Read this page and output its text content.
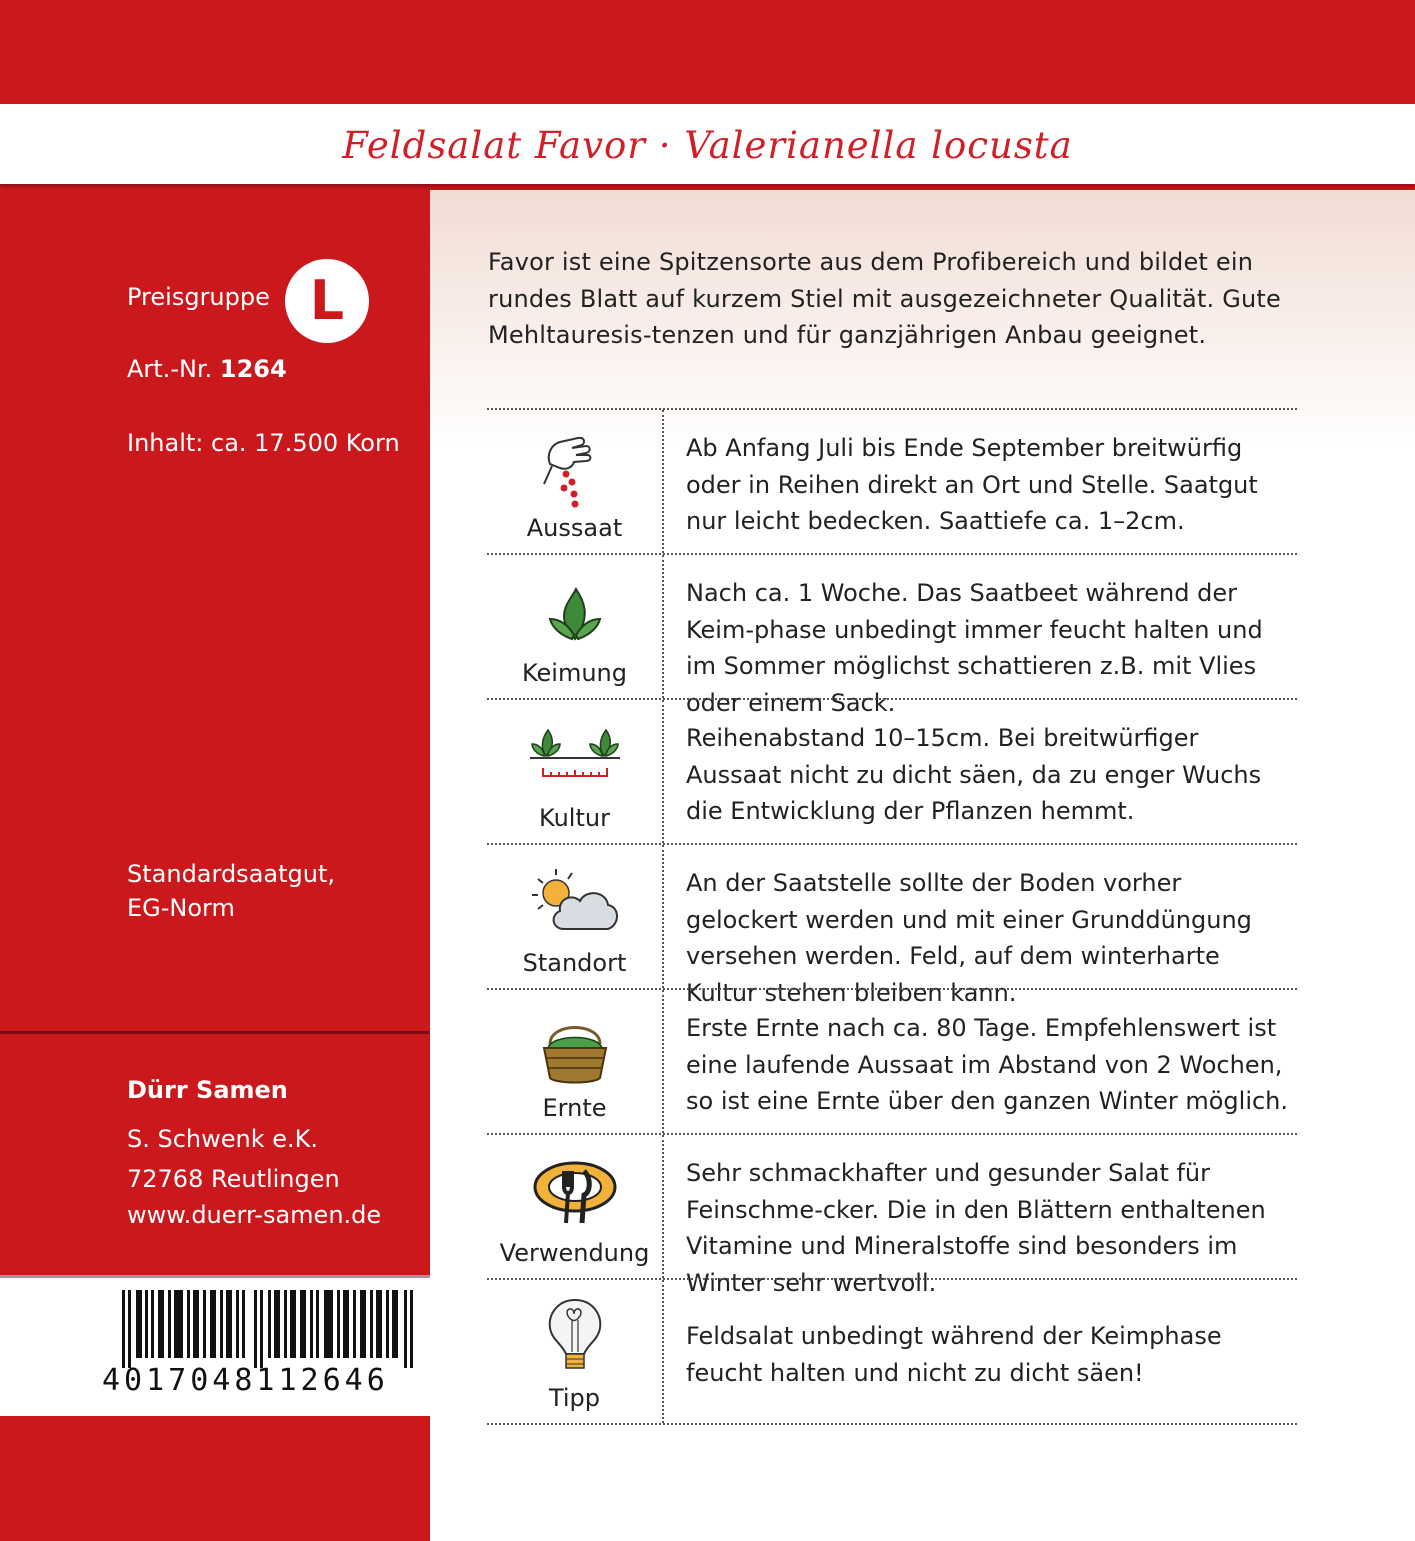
Feldsalat Favor · Valerianella locusta
Preisgruppe L
Art.-Nr. 1264
Inhalt: ca. 17.500 Korn
Standardsaatgut,
EG-Norm
Dürr Samen
S. Schwenk e.K.
72768 Reutlingen
www.duerr-samen.de
4017048112646
Favor ist eine Spitzensorte aus dem Profibereich und bildet ein rundes Blatt auf kurzem Stiel mit ausgezeichneter Qualität. Gute Mehltauresis-tenzen und für ganzjährigen Anbau geeignet.
Aussaat
Ab Anfang Juli bis Ende September breitwürfig oder in Reihen direkt an Ort und Stelle. Saatgut nur leicht bedecken. Saattiefe ca. 1–2cm.
Keimung
Nach ca. 1 Woche. Das Saatbeet während der Keim-phase unbedingt immer feucht halten und im Sommer möglichst schattieren z.B. mit Vlies oder einem Sack.
Kultur
Reihenabstand 10–15cm. Bei breitwürfiger Aussaat nicht zu dicht säen, da zu enger Wuchs die Entwicklung der Pflanzen hemmt.
Standort
An der Saatstelle sollte der Boden vorher gelockert werden und mit einer Grunddüngung versehen werden. Feld, auf dem winterharte Kultur stehen bleiben kann.
Ernte
Erste Ernte nach ca. 80 Tage. Empfehlenswert ist eine laufende Aussaat im Abstand von 2 Wochen, so ist eine Ernte über den ganzen Winter möglich.
Verwendung
Sehr schmackhafter und gesunder Salat für Feinschme-cker. Die in den Blättern enthaltenen Vitamine und Mineralstoffe sind besonders im Winter sehr wertvoll.
Tipp
Feldsalat unbedingt während der Keimphase feucht halten und nicht zu dicht säen!
